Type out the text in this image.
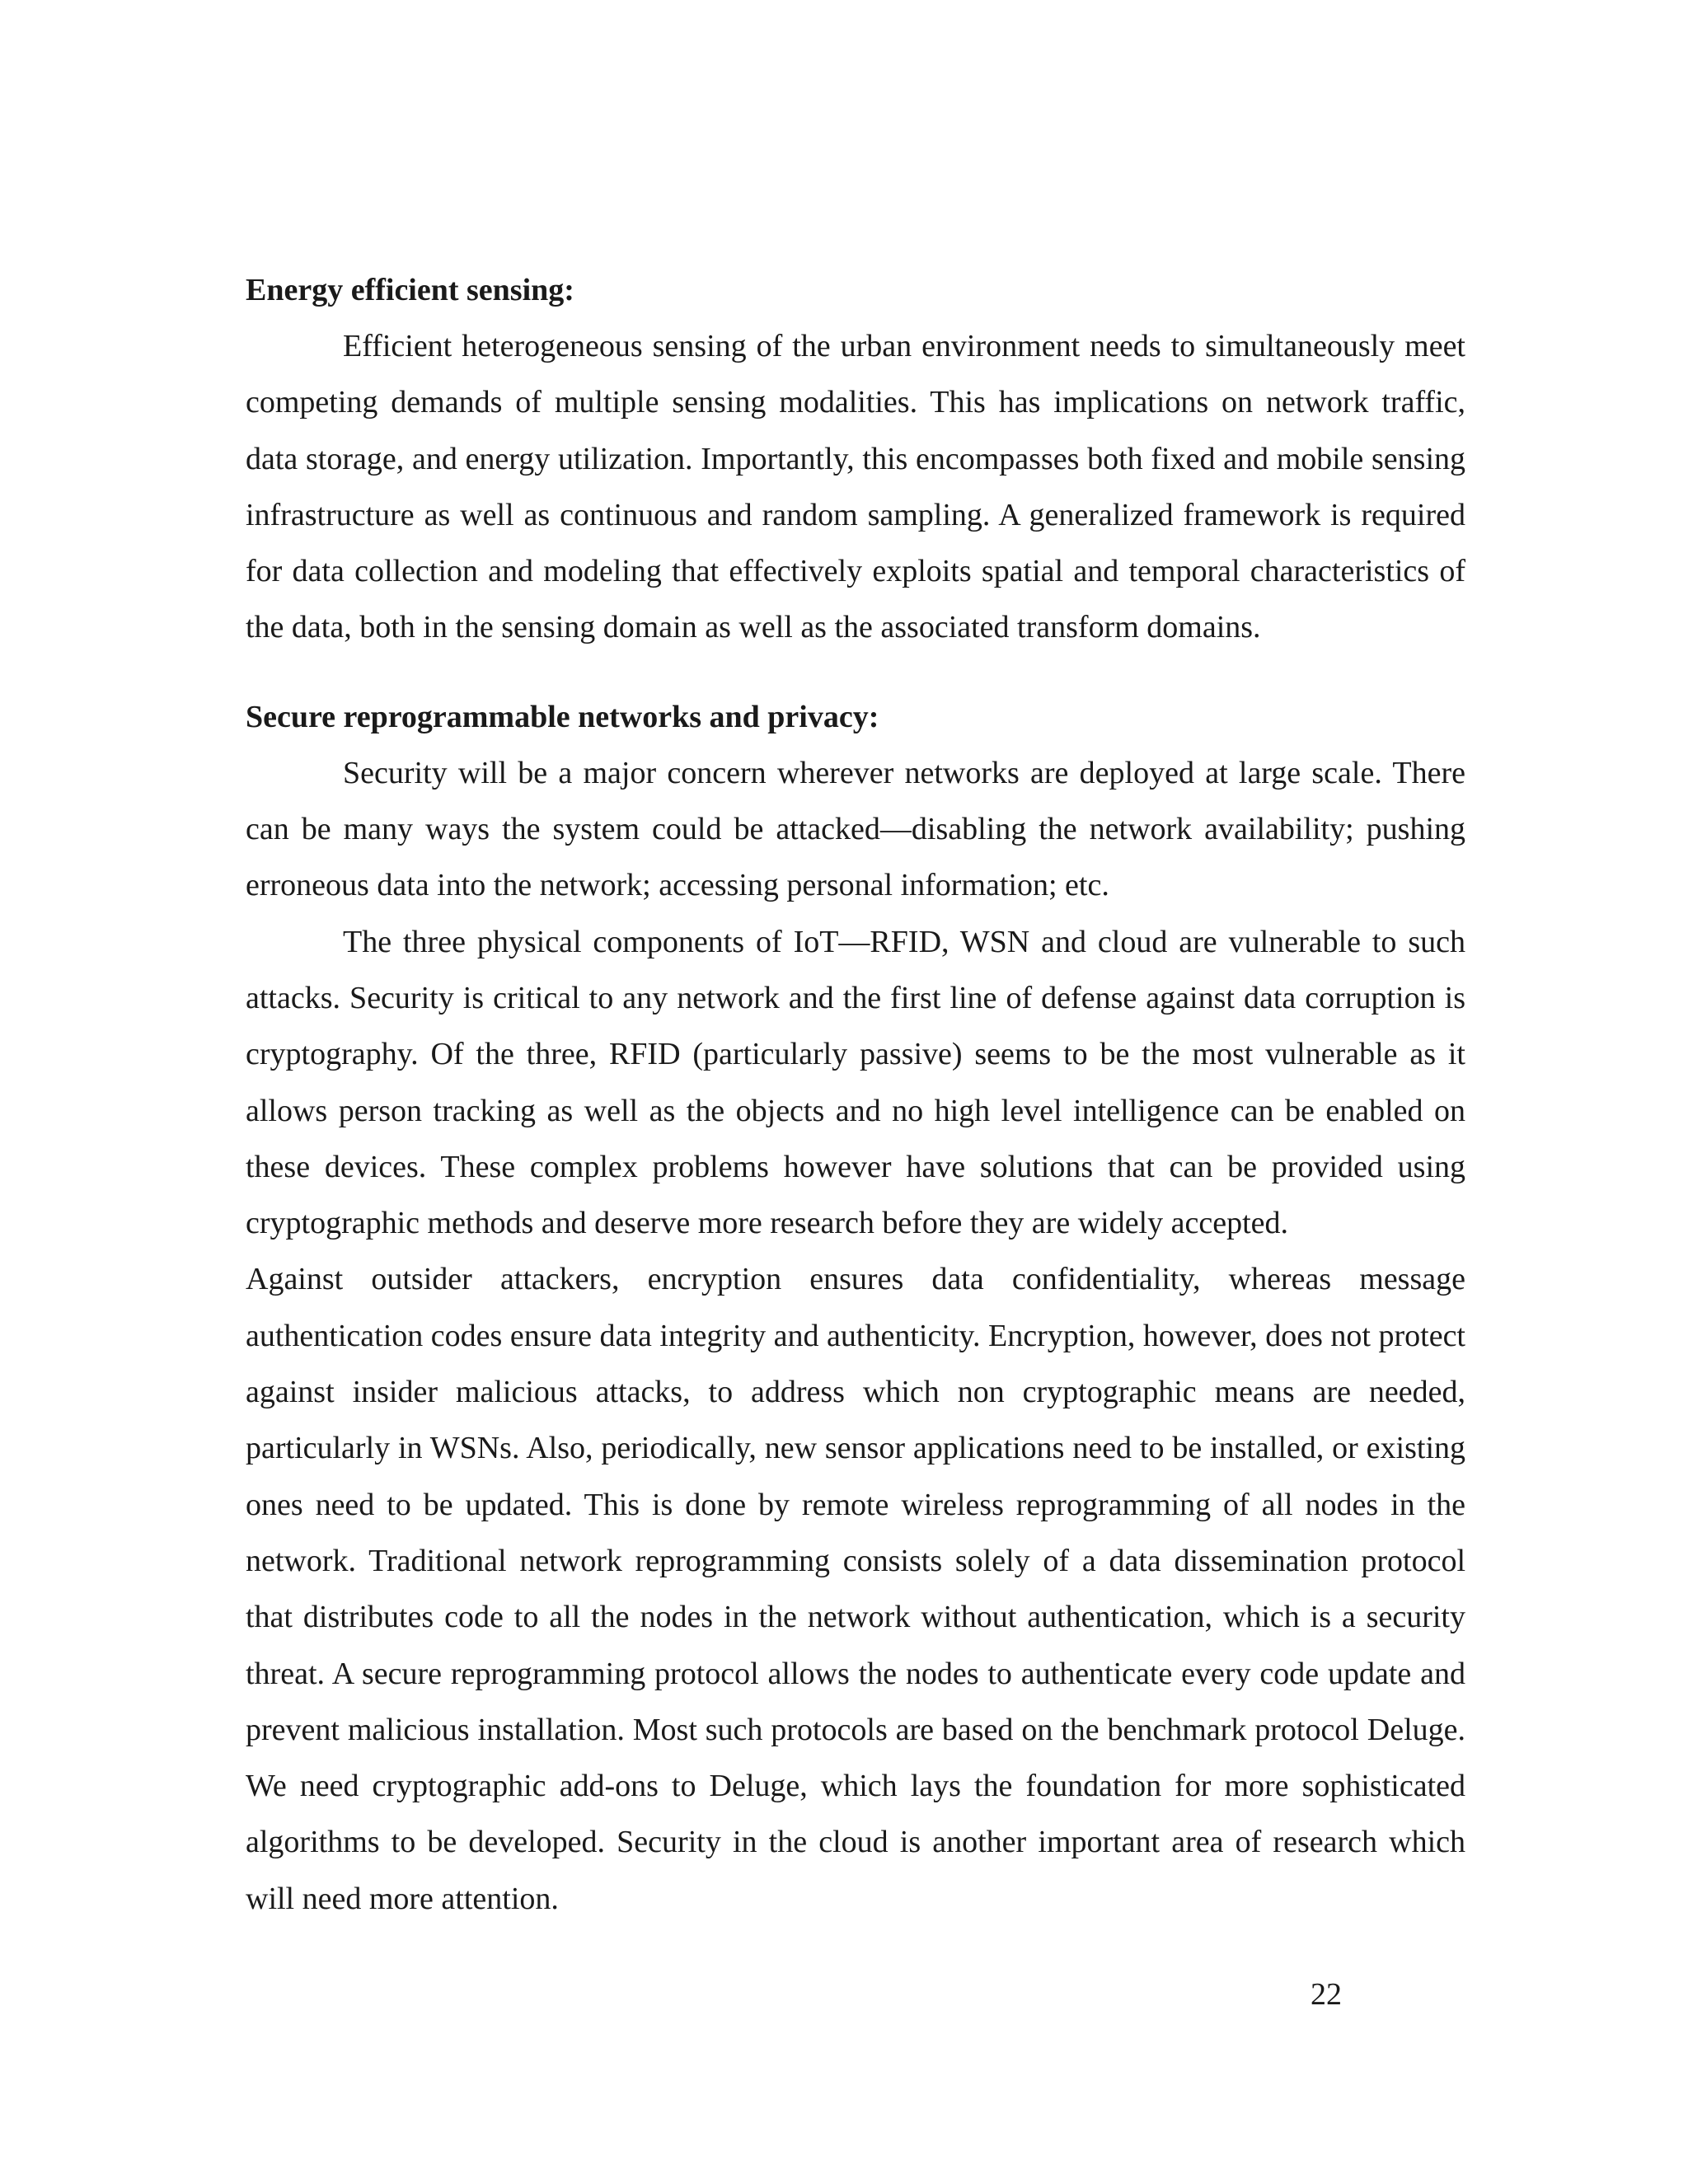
Energy efficient sensing:

Efficient heterogeneous sensing of the urban environment needs to simultaneously meet competing demands of multiple sensing modalities. This has implications on network traffic, data storage, and energy utilization. Importantly, this encompasses both fixed and mobile sensing infrastructure as well as continuous and random sampling. A generalized framework is required for data collection and modeling that effectively exploits spatial and temporal characteristics of the data, both in the sensing domain as well as the associated transform domains.

Secure reprogrammable networks and privacy:

Security will be a major concern wherever networks are deployed at large scale. There can be many ways the system could be attacked—disabling the network availability; pushing erroneous data into the network; accessing personal information; etc.

The three physical components of IoT—RFID, WSN and cloud are vulnerable to such attacks. Security is critical to any network and the first line of defense against data corruption is cryptography. Of the three, RFID (particularly passive) seems to be the most vulnerable as it allows person tracking as well as the objects and no high level intelligence can be enabled on these devices. These complex problems however have solutions that can be provided using cryptographic methods and deserve more research before they are widely accepted.

Against outsider attackers, encryption ensures data confidentiality, whereas message authentication codes ensure data integrity and authenticity. Encryption, however, does not protect against insider malicious attacks, to address which non cryptographic means are needed, particularly in WSNs. Also, periodically, new sensor applications need to be installed, or existing ones need to be updated. This is done by remote wireless reprogramming of all nodes in the network. Traditional network reprogramming consists solely of a data dissemination protocol that distributes code to all the nodes in the network without authentication, which is a security threat. A secure reprogramming protocol allows the nodes to authenticate every code update and prevent malicious installation. Most such protocols are based on the benchmark protocol Deluge. We need cryptographic add-ons to Deluge, which lays the foundation for more sophisticated algorithms to be developed. Security in the cloud is another important area of research which will need more attention.

22
